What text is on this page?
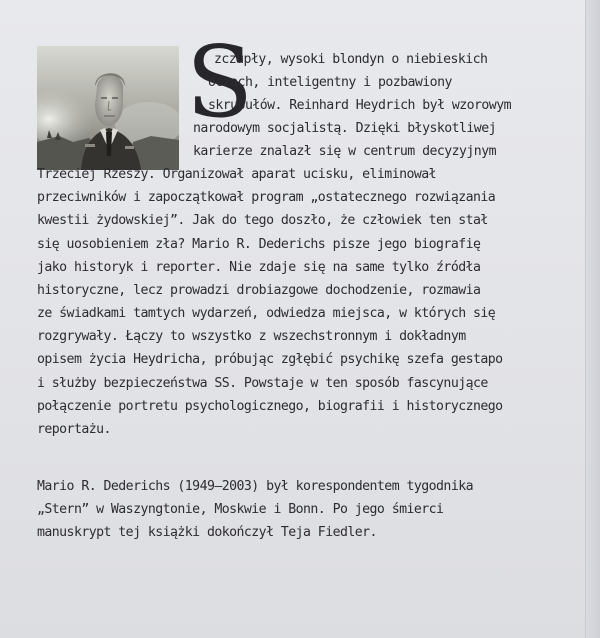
S
zczupły, wysoki blondyn o niebieskich
oczach, inteligentny i pozbawiony
skrupułów. Reinhard Heydrich był wzorowym
narodowym socjalistą. Dzięki błyskotliwej
karierze znalazł się w centrum decyzyjnym
Trzeciej Rzeszy. Organizował aparat ucisku, eliminował
przeciwników i zapoczątkował program „ostatecznego rozwiązania
kwestii żydowskiej”. Jak do tego doszło, że człowiek ten stał
się uosobieniem zła? Mario R. Dederichs pisze jego biografię
jako historyk i reporter. Nie zdaje się na same tylko źródła
historyczne, lecz prowadzi drobiazgowe dochodzenie, rozmawia
ze świadkami tamtych wydarzeń, odwiedza miejsca, w których się
rozgrywały. Łączy to wszystko z wszechstronnym i dokładnym
opisem życia Heydricha, próbując zgłębić psychikę szefa gestapo
i służby bezpieczeństwa SS. Powstaje w ten sposób fascynujące
połączenie portretu psychologicznego, biografii i historycznego
reportażu.
Mario R. Dederichs (1949–2003) był korespondentem tygodnika
„Stern” w Waszyngtonie, Moskwie i Bonn. Po jego śmierci
manuskrypt tej książki dokończył Teja Fiedler.
